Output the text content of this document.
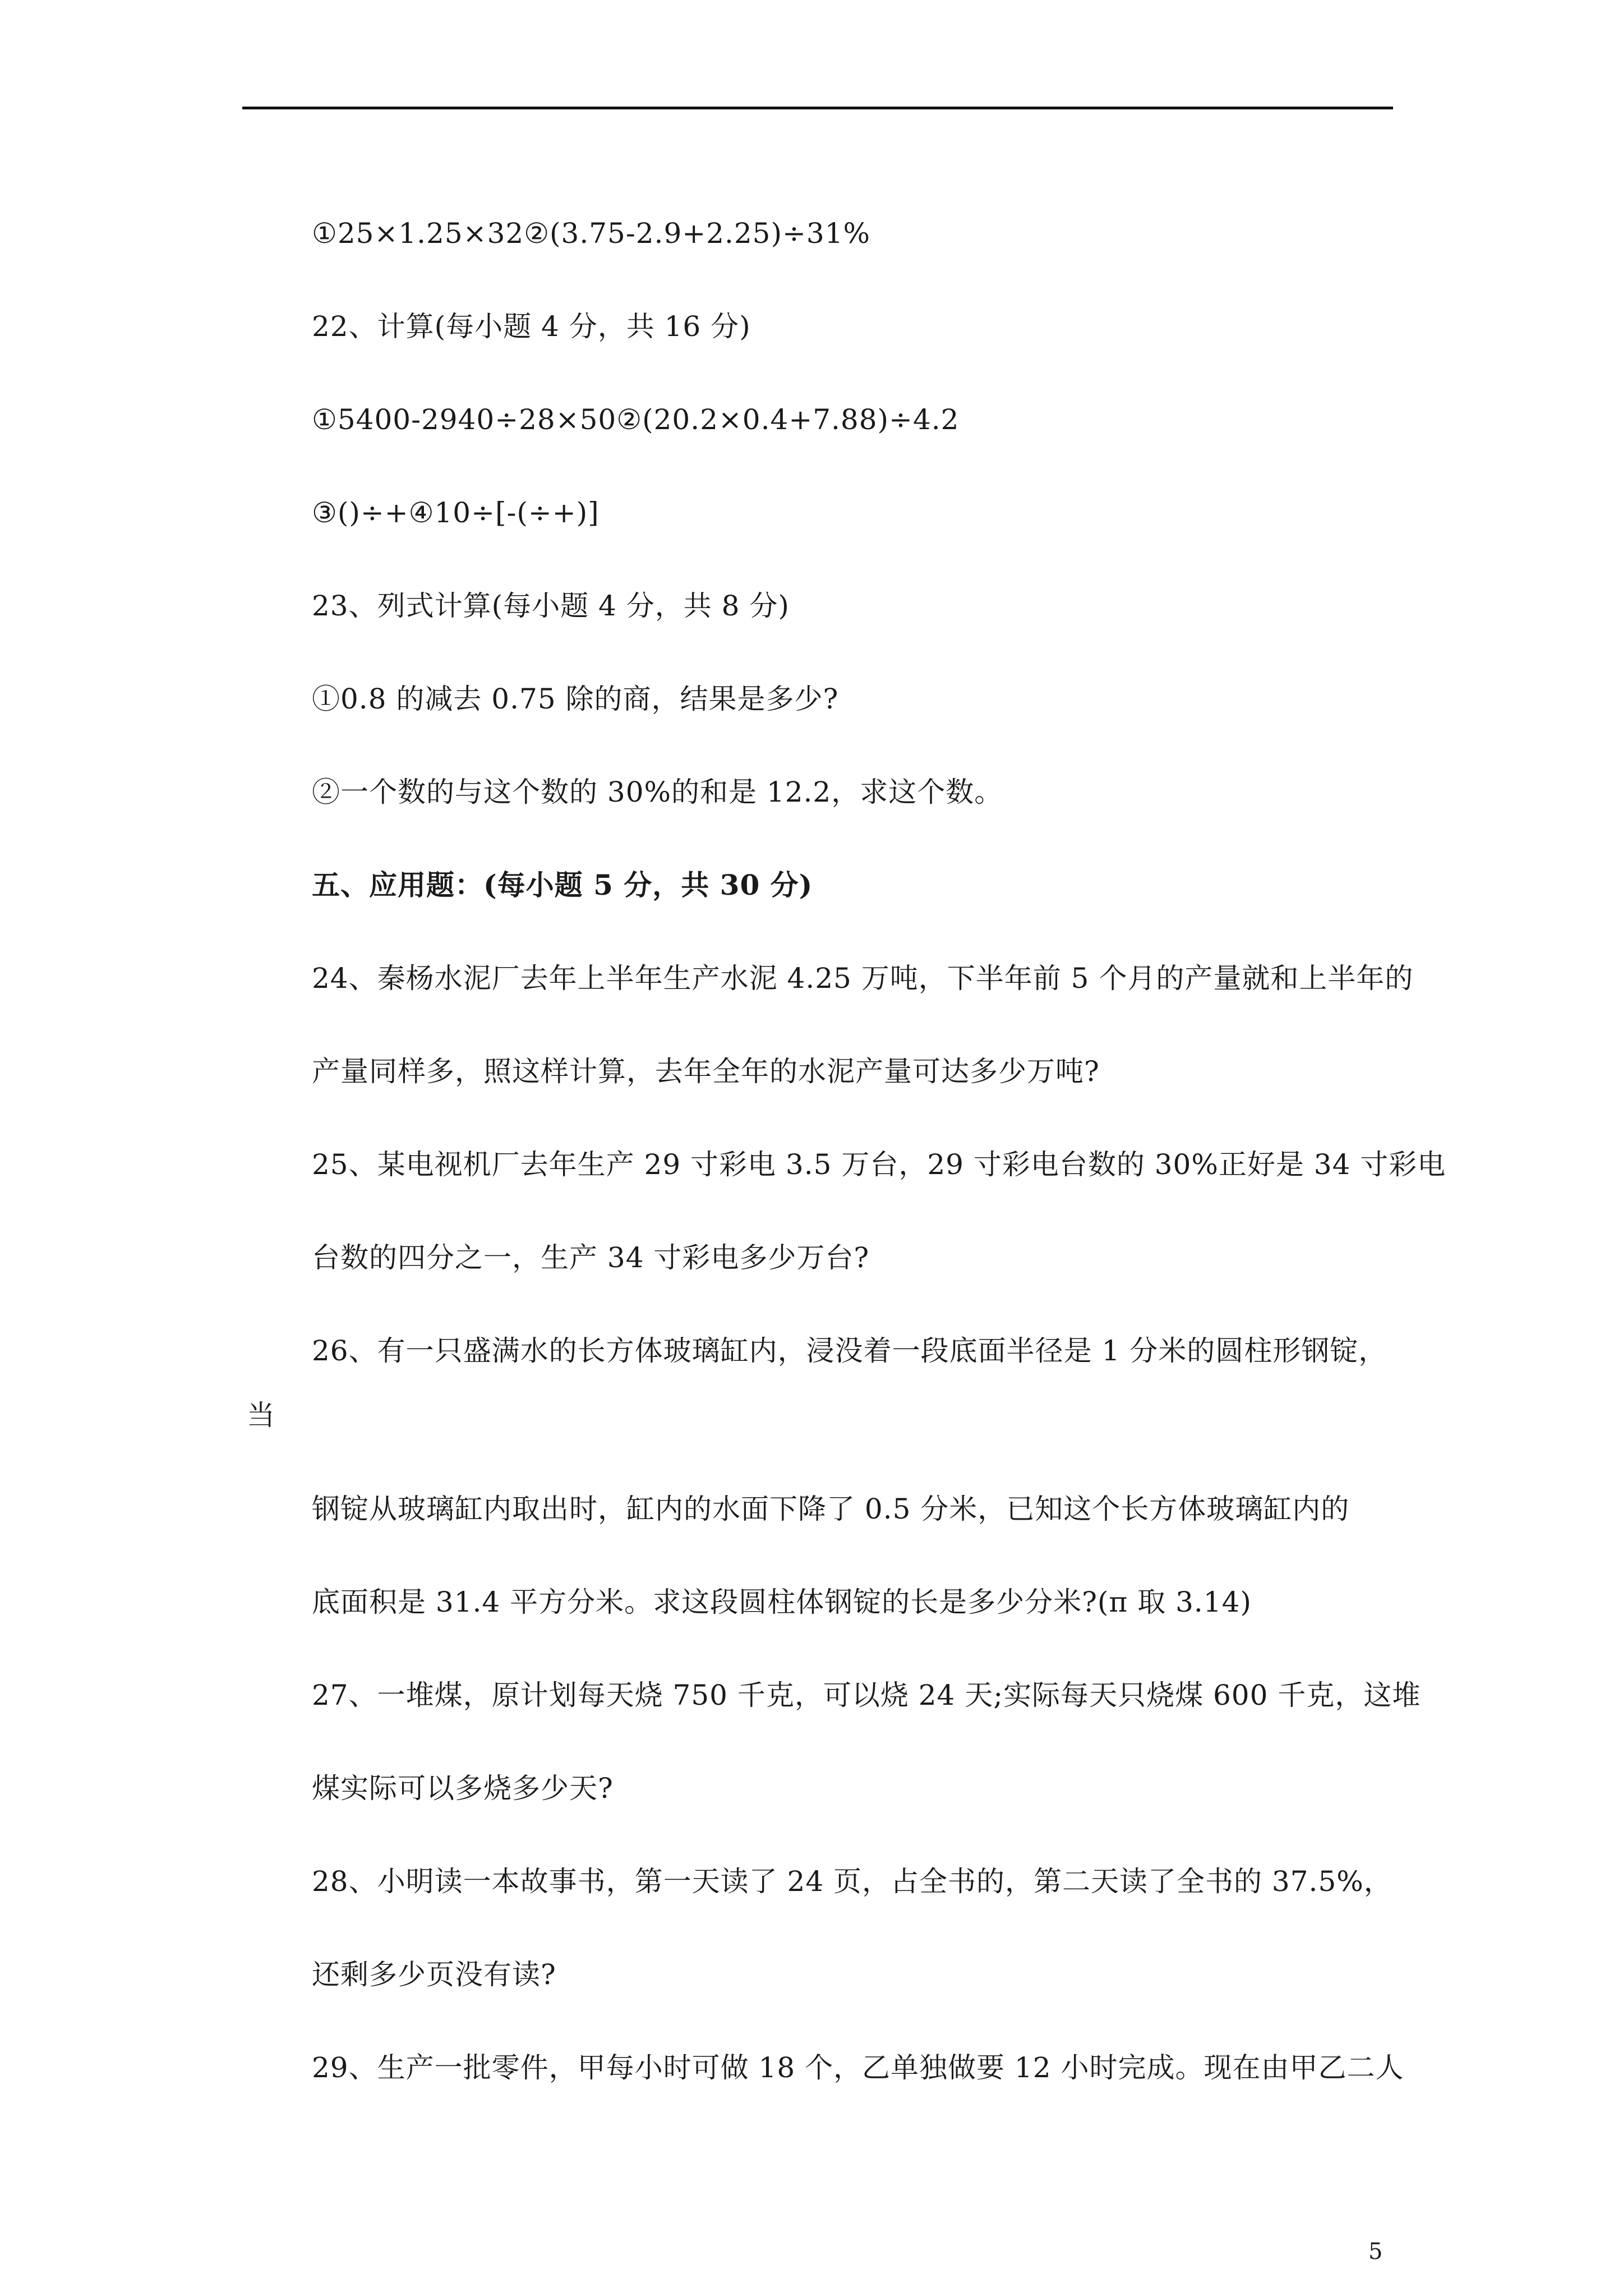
①25×1.25×32②(3.75-2.9+2.25)÷31%
22、计算(每小题 4 分，共 16 分)
①5400-2940÷28×50②(20.2×0.4+7.88)÷4.2
③()÷+④10÷[-(÷+)]
23、列式计算(每小题 4 分，共 8 分)
①0.8 的减去 0.75 除的商，结果是多少?
②一个数的与这个数的 30%的和是 12.2，求这个数。
五、应用题：(每小题 5 分，共 30 分)
24、秦杨水泥厂去年上半年生产水泥 4.25 万吨，下半年前 5 个月的产量就和上半年的
产量同样多，照这样计算，去年全年的水泥产量可达多少万吨?
25、某电视机厂去年生产 29 寸彩电 3.5 万台，29 寸彩电台数的 30%正好是 34 寸彩电
台数的四分之一，生产 34 寸彩电多少万台?
26、有一只盛满水的长方体玻璃缸内，浸没着一段底面半径是 1 分米的圆柱形钢锭，
当
钢锭从玻璃缸内取出时，缸内的水面下降了 0.5 分米，已知这个长方体玻璃缸内的
底面积是 31.4 平方分米。求这段圆柱体钢锭的长是多少分米?(π 取 3.14)
27、一堆煤，原计划每天烧 750 千克，可以烧 24 天;实际每天只烧煤 600 千克，这堆
煤实际可以多烧多少天?
28、小明读一本故事书，第一天读了 24 页，占全书的，第二天读了全书的 37.5%，
还剩多少页没有读?
29、生产一批零件，甲每小时可做 18 个，乙单独做要 12 小时完成。现在由甲乙二人
5
